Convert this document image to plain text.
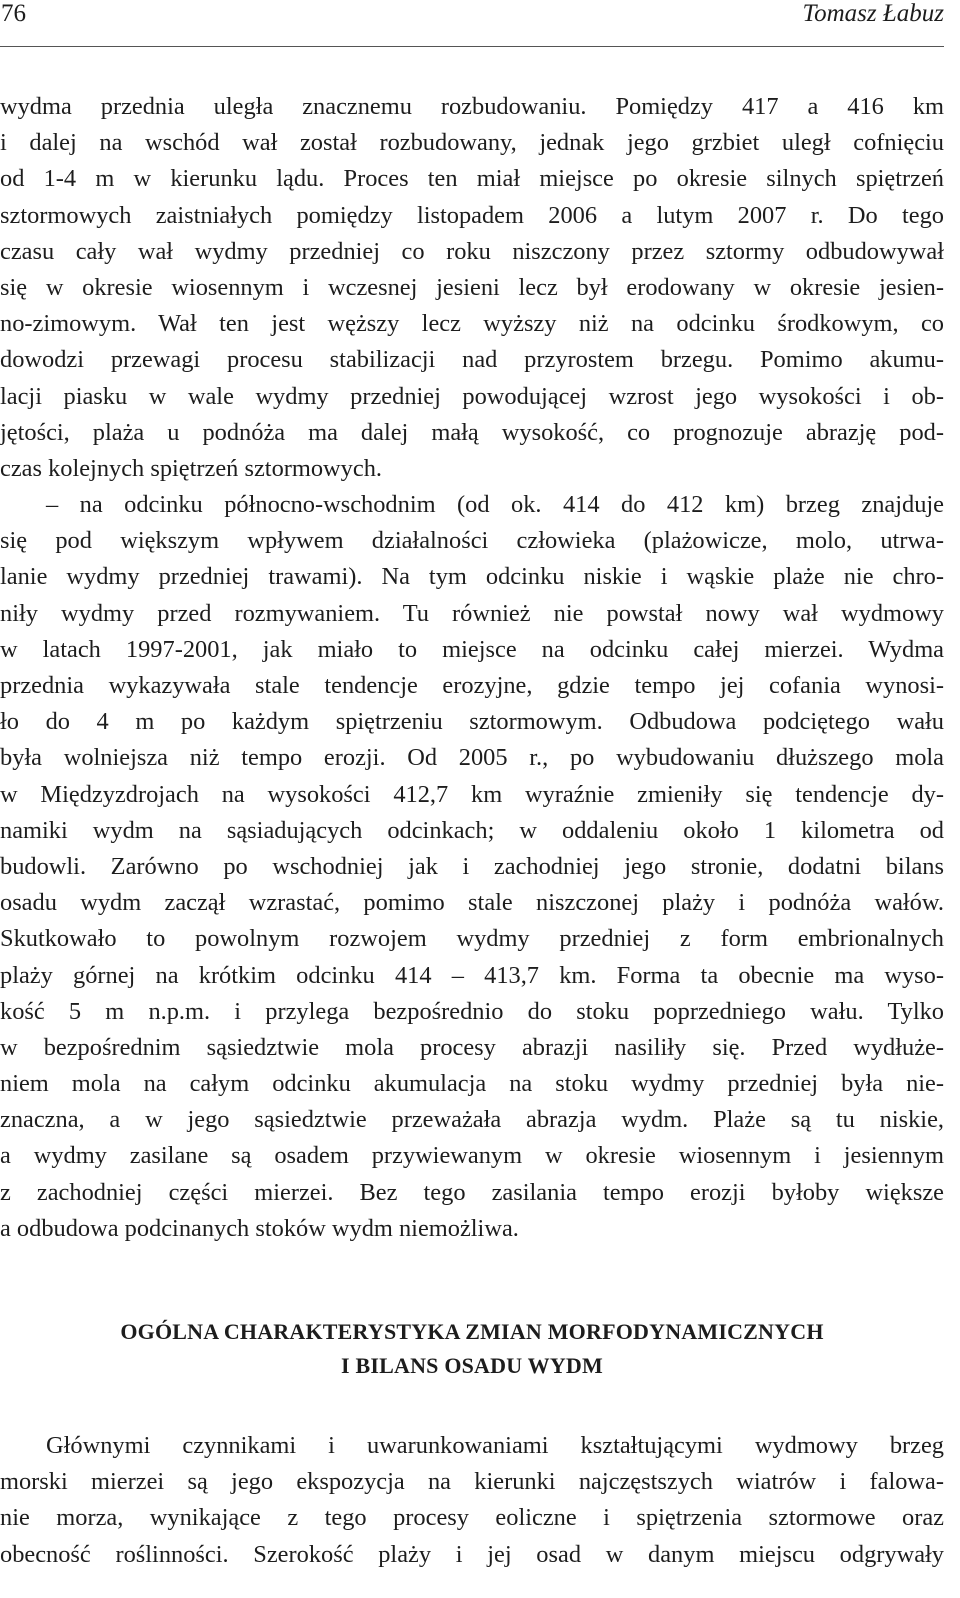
76	Tomasz Łabuz
wydma przednia uległa znacznemu rozbudowaniu. Pomiędzy 417 a 416 km
i dalej na wschód wał został rozbudowany, jednak jego grzbiet uległ cofnięciu
od 1-4 m w kierunku lądu. Proces ten miał miejsce po okresie silnych spiętrzeń
sztormowych zaistniałych pomiędzy listopadem 2006 a lutym 2007 r. Do tego
czasu cały wał wydmy przedniej co roku niszczony przez sztormy odbudowywał
się w okresie wiosennym i wczesnej jesieni lecz był erodowany w okresie jesien-
no-zimowym. Wał ten jest węższy lecz wyższy niż na odcinku środkowym, co
dowodzi przewagi procesu stabilizacji nad przyrostem brzegu. Pomimo akumu-
lacji piasku w wale wydmy przedniej powodującej wzrost jego wysokości i ob-
jętości, plaża u podnóża ma dalej małą wysokość, co prognozuje abrazję pod-
czas kolejnych spiętrzeń sztormowych.
– na odcinku północno-wschodnim (od ok. 414 do 412 km) brzeg znajduje
się pod większym wpływem działalności człowieka (plażowicze, molo, utrwa-
lanie wydmy przedniej trawami). Na tym odcinku niskie i wąskie plaże nie chro-
niły wydmy przed rozmywaniem. Tu również nie powstał nowy wał wydmowy
w latach 1997-2001, jak miało to miejsce na odcinku całej mierzei. Wydma
przednia wykazywała stale tendencje erozyjne, gdzie tempo jej cofania wynosi-
ło do 4 m po każdym spiętrzeniu sztormowym. Odbudowa podciętego wału
była wolniejsza niż tempo erozji. Od 2005 r., po wybudowaniu dłuższego mola
w Międzyzdrojach na wysokości 412,7 km wyraźnie zmieniły się tendencje dy-
namiki wydm na sąsiadujących odcinkach; w oddaleniu około 1 kilometra od
budowli. Zarówno po wschodniej jak i zachodniej jego stronie, dodatni bilans
osadu wydm zaczął wzrastać, pomimo stale niszczonej plaży i podnóża wałów.
Skutkowało to powolnym rozwojem wydmy przedniej z form embrionalnych
plaży górnej na krótkim odcinku 414 – 413,7 km. Forma ta obecnie ma wyso-
kość 5 m n.p.m. i przylega bezpośrednio do stoku poprzedniego wału. Tylko
w bezpośrednim sąsiedztwie mola procesy abrazji nasiliły się. Przed wydłuże-
niem mola na całym odcinku akumulacja na stoku wydmy przedniej była nie-
znaczna, a w jego sąsiedztwie przeważała abrazja wydm. Plaże są tu niskie,
a wydmy zasilane są osadem przywiewanym w okresie wiosennym i jesiennym
z zachodniej części mierzei. Bez tego zasilania tempo erozji byłoby większe
a odbudowa podcinanych stoków wydm niemożliwa.
OGÓLNA CHARAKTERYSTYKA ZMIAN MORFODYNAMICZNYCH
I BILANS OSADU WYDM
Głównymi czynnikami i uwarunkowaniami kształtującymi wydmowy brzeg
morski mierzei są jego ekspozycja na kierunki najczęstszych wiatrów i falowa-
nie morza, wynikające z tego procesy eoliczne i spiętrzenia sztormowe oraz
obecność roślinności. Szerokość plaży i jej osad w danym miejscu odgrywały
